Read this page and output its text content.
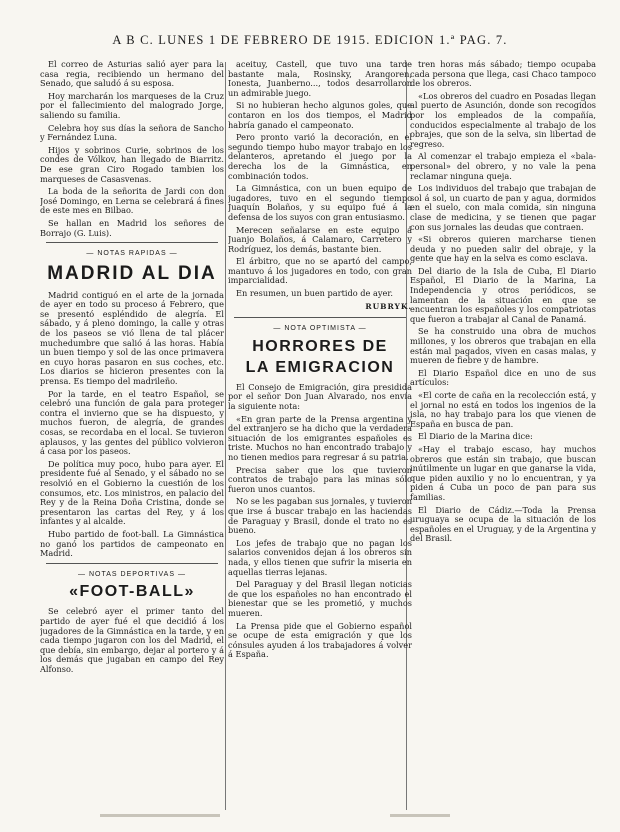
A B C. LUNES 1 DE FEBRERO DE 1915. EDICION 1.ª PAG. 7.

El correo de Asturias salió ayer para la casa regia, recibiendo un hermano del Senado, que saludó á su esposa.

Hoy marcharán los marqueses de la Cruz por el fallecimiento del malogrado Jorge, saliendo su familia.

Celebra hoy sus días la señora de Sancho y Fernández Luna.

Hijos y sobrinos Curie, sobrinos de los condes de Vólkov, han llegado de Biarritz. De ese gran Ciro Rogado tambien los marqueses de Casasvenas.

La boda de la señorita de Jardi con don José Domingo, en Lerna se celebrará á fines de este mes en Bilbao.

Se hallan en Madrid los señores de Borrajo (G. Luis).

— NOTAS RAPIDAS —
MADRID AL DIA

Madrid contiguó en el arte de la jornada de ayer en todo su proceso á Febrero, que se presentó espléndido de alegría. El sábado, y á pleno domingo, la calle y otras de los paseos se vió llena de tal plácer muchedumbre que salió á las horas. Había un buen tiempo y sol de las once primavera en cuyo horas pasaron en sus coches, etc. Los diarios se hicieron presentes con la prensa. Es tiempo del madrileño.

Por la tarde, en el teatro Español, se celebró una función de gala para proteger contra el invierno que se ha dispuesto, y muchos fueron, de alegría, de grandes cosas, se recordaba en el local. Se tuvieron aplausos, y las gentes del público volvieron á casa por los paseos.

De política muy poco, hubo para ayer. El presidente fué al Senado, y el sábado no se resolvió en el Gobierno la cuestión de los consumos, etc. Los ministros, en palacio del Rey y de la Reina Doña Cristina, donde se presentaron las cartas del Rey, y á los infantes y al alcalde.

Hubo partido de foot-ball. La Gimnástica no ganó los partidos de campeonato en Madrid.

— NOTAS DEPORTIVAS —
«FOOT-BALL»

Se celebró ayer el primer tanto del partido de ayer fué el que decidió á los jugadores de la Gimnástica en la tarde, y en cada tiempo jugaron con los del Madrid, el que debía, sin embargo, dejar al portero y á los demás que jugaban en campo del Rey Alfonso.

aceituy, Castell, que tuvo una tarde bastante mala, Rosinsky, Arangoren, Ionesta, Juanberno..., todos desarrollaron un admirable juego.

Si no hubieran hecho algunos goles, que contaron en los dos tiempos, el Madrid habría ganado el campeonato.

Pero pronto varió la decoración, en el segundo tiempo hubo mayor trabajo en los delanteros, apretando el juego por la derecha los de la Gimnástica, en combinación todos.

La Gimnástica, con un buen equipo de jugadores, tuvo en el segundo tiempo Juaquín Bolaños, y su equipo fué á la defensa de los suyos con gran entusiasmo.

Merecen señalarse en este equipo á Juanjo Bolaños, á Calamaro, Carretero y Rodríguez, los demás, bastante bien.

El árbitro, que no se apartó del campo, mantuvo á los jugadores en todo, con gran imparcialidad.

En resumen, un buen partido de ayer.

RUBRYK.
— NOTA OPTIMISTA —
HORRORES DE
LA EMIGRACION

El Consejo de Emigración, gira presidida por el señor Don Juan Alvarado, nos envía la siguiente nota:

«En gran parte de la Prensa argentina y del extranjero se ha dicho que la verdadera situación de los emigrantes españoles es triste. Muchos no han encontrado trabajo y no tienen medios para regresar á su patria.

Precisa saber que los que tuvieron contratos de trabajo para las minas sólo fueron unos cuantos.

No se les pagaban sus jornales, y tuvieron que irse á buscar trabajo en las haciendas de Paraguay y Brasil, donde el trato no es bueno.

Los jefes de trabajo que no pagan los salarios convenidos dejan á los obreros sin nada, y ellos tienen que sufrir la miseria en aquellas tierras lejanas.

Del Paraguay y del Brasil llegan noticias de que los españoles no han encontrado el bienestar que se les prometió, y muchos mueren.

La Prensa pide que el Gobierno español se ocupe de esta emigración y que los cónsules ayuden á los trabajadores á volver á España.

tren horas más sábado; tiempo ocupaba cada persona que llega, casi Chaco tampoco de los obreros.

«Los obreros del cuadro en Posadas llegan al puerto de Asunción, donde son recogidos por los empleados de la compañía, conducidos especialmente al trabajo de los obrajes, que son de la selva, sin libertad de regreso.

Al comenzar el trabajo empieza el «bala-personal» del obrero, y no vale la pena reclamar ninguna queja.

Los individuos del trabajo que trabajan de sol á sol, un cuarto de pan y agua, dormidos en el suelo, con mala comida, sin ninguna clase de medicina, y se tienen que pagar con sus jornales las deudas que contraen.

«Si obreros quieren marcharse tienen deuda y no pueden salir del obraje, y la gente que hay en la selva es como esclava.

Del diario de la Isla de Cuba, El Diario Español, El Diario de la Marina, La Independencia y otros periódicos, se lamentan de la situación en que se encuentran los españoles y los compatriotas que fueron a trabajar al Canal de Panamá.

Se ha construido una obra de muchos millones, y los obreros que trabajan en ella están mal pagados, viven en casas malas, y mueren de fiebre y de hambre.

El Diario Español dice en uno de sus artículos:

«El corte de caña en la recolección está, y el jornal no está en todos los ingenios de la isla, no hay trabajo para los que vienen de España en busca de pan.

El Diario de la Marina dice:

«Hay el trabajo escaso, hay muchos obreros que están sin trabajo, que buscan inútilmente un lugar en que ganarse la vida, que piden auxilio y no lo encuentran, y ya piden á Cuba un poco de pan para sus familias.

El Diario de Cádiz.—Toda la Prensa uruguaya se ocupa de la situación de los españoles en el Uruguay, y de la Argentina y del Brasil.
